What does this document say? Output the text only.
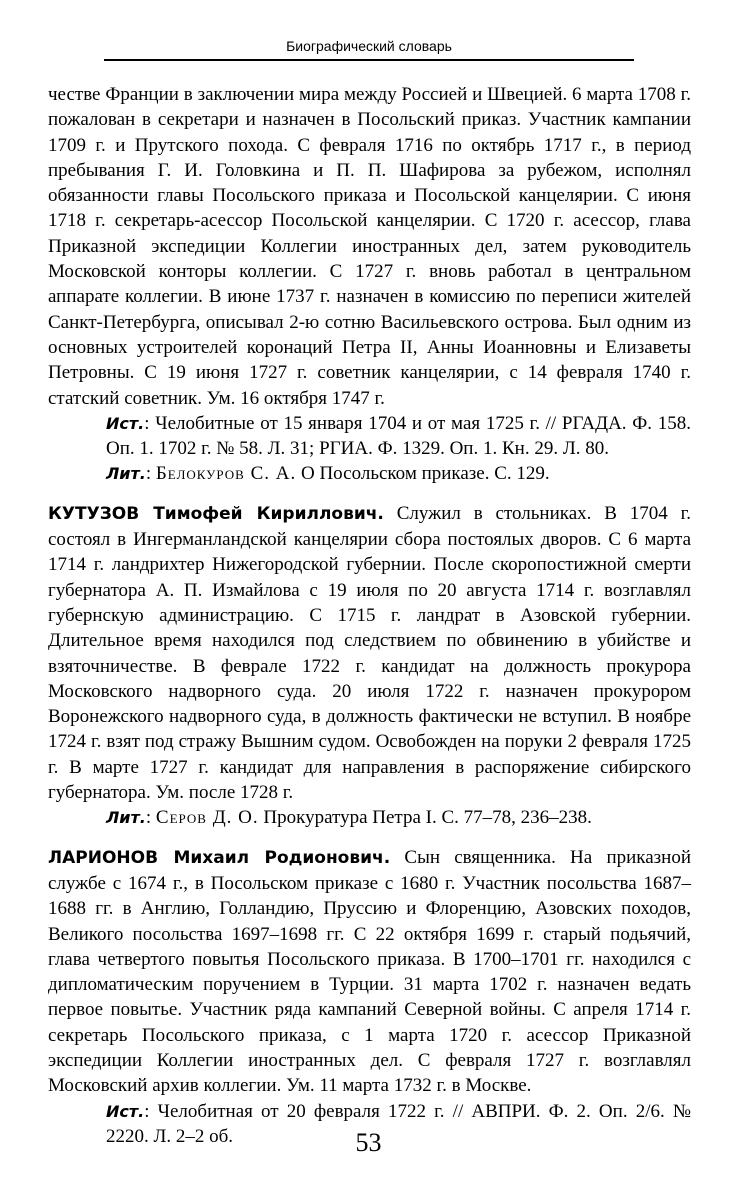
Биографический словарь

честве Франции в заключении мира между Россией и Швецией. 6 марта 1708 г. пожалован в секретари и назначен в Посольский приказ. Участник кампании 1709 г. и Прутского похода. С февраля 1716 по октябрь 1717 г., в период пребывания Г. И. Головкина и П. П. Шафирова за рубежом, исполнял обязанности главы Посольского приказа и Посольской канцелярии. С июня 1718 г. секретарь-асессор Посольской канцелярии. С 1720 г. асессор, глава Приказной экспедиции Коллегии иностранных дел, затем руководитель Московской конторы коллегии. С 1727 г. вновь работал в центральном аппарате коллегии. В июне 1737 г. назначен в комиссию по переписи жителей Санкт-Петербурга, описывал 2-ю сотню Васильевского острова. Был одним из основных устроителей коронаций Петра II, Анны Иоанновны и Елизаветы Петровны. С 19 июня 1727 г. советник канцелярии, с 14 февраля 1740 г. статский советник. Ум. 16 октября 1747 г.

Ист.: Челобитные от 15 января 1704 и от мая 1725 г. // РГАДА. Ф. 158. Оп. 1. 1702 г. № 58. Л. 31; РГИА. Ф. 1329. Оп. 1. Кн. 29. Л. 80.

Лит.: Белокуров С. А. О Посольском приказе. С. 129.

КУТУЗОВ Тимофей Кириллович. Служил в стольниках. В 1704 г. состоял в Ингерманландской канцелярии сбора постоялых дворов. С 6 марта 1714 г. ландрихтер Нижегородской губернии. После скоропостижной смерти губернатора А. П. Измайлова с 19 июля по 20 августа 1714 г. возглавлял губернскую администрацию. С 1715 г. ландрат в Азовской губернии. Длительное время находился под следствием по обвинению в убийстве и взяточничестве. В феврале 1722 г. кандидат на должность прокурора Московского надворного суда. 20 июля 1722 г. назначен прокурором Воронежского надворного суда, в должность фактически не вступил. В ноябре 1724 г. взят под стражу Вышним судом. Освобожден на поруки 2 февраля 1725 г. В марте 1727 г. кандидат для направления в распоряжение сибирского губернатора. Ум. после 1728 г.

Лит.: Серов Д. О. Прокуратура Петра I. С. 77–78, 236–238.

ЛАРИОНОВ Михаил Родионович. Сын священника. На приказной службе с 1674 г., в Посольском приказе с 1680 г. Участник посольства 1687–1688 гг. в Англию, Голландию, Пруссию и Флоренцию, Азовских походов, Великого посольства 1697–1698 гг. С 22 октября 1699 г. старый подьячий, глава четвертого повытья Посольского приказа. В 1700–1701 гг. находился с дипломатическим поручением в Турции. 31 марта 1702 г. назначен ведать первое повытье. Участник ряда кампаний Северной войны. С апреля 1714 г. секретарь Посольского приказа, с 1 марта 1720 г. асессор Приказной экспедиции Коллегии иностранных дел. С февраля 1727 г. возглавлял Московский архив коллегии. Ум. 11 марта 1732 г. в Москве.

Ист.: Челобитная от 20 февраля 1722 г. // АВПРИ. Ф. 2. Оп. 2/6. № 2220. Л. 2–2 об.	53
